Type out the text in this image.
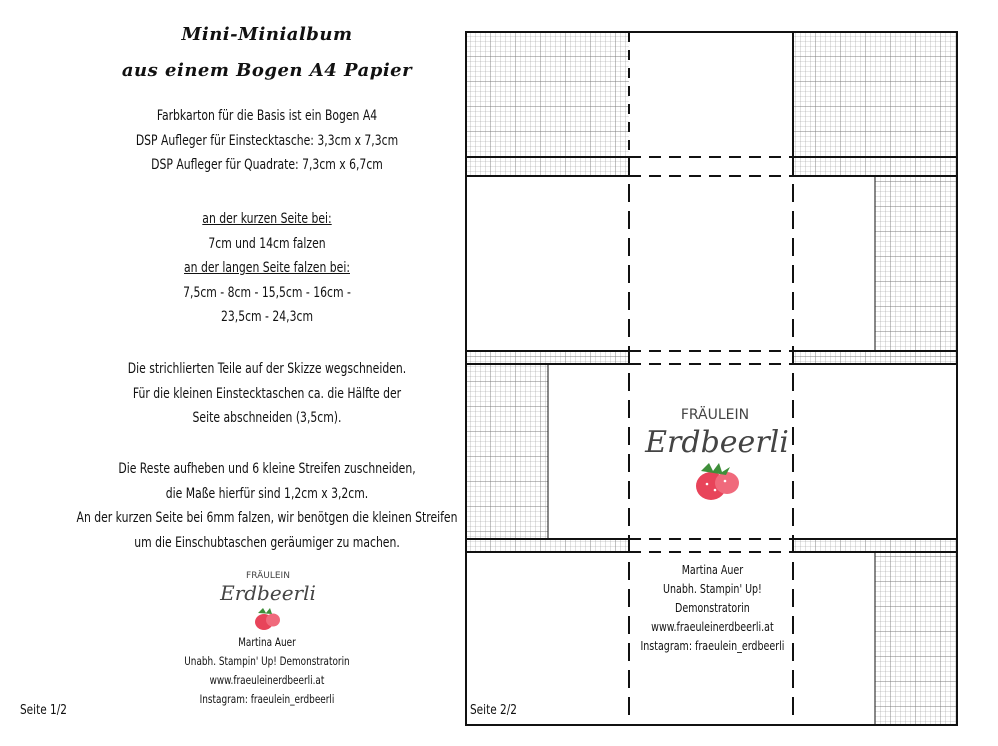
Mini-Minialbum
aus einem Bogen A4 Papier
Farbkarton für die Basis ist ein Bogen A4
DSP Aufleger für Einstecktasche: 3,3cm x 7,3cm
DSP Aufleger für Quadrate: 7,3cm x 6,7cm
an der kurzen Seite bei:
7cm und 14cm falzen
an der langen Seite falzen bei:
7,5cm - 8cm - 15,5cm - 16cm -
23,5cm - 24,3cm
Die strichlierten Teile auf der Skizze wegschneiden.
Für die kleinen Einstecktaschen ca. die Hälfte der
Seite abschneiden (3,5cm).
Die Reste aufheben und 6 kleine Streifen zuschneiden,
die Maße hierfür sind 1,2cm x 3,2cm.
An der kurzen Seite bei 6mm falzen, wir benötgen die kleinen Streifen
um die Einschubtaschen geräumiger zu machen.
FRÄULEIN
Erdbeerli
Martina Auer
Unabh. Stampin' Up! Demonstratorin
www.fraeuleinerdbeerli.at
Instagram: fraeulein_erdbeerli
Seite 1/2
FRÄULEIN
Erdbeerli
Martina Auer
Unabh. Stampin' Up! Demonstratorin
www.fraeuleinerdbeerli.at
Instagram: fraeulein_erdbeerli
Seite 2/2
